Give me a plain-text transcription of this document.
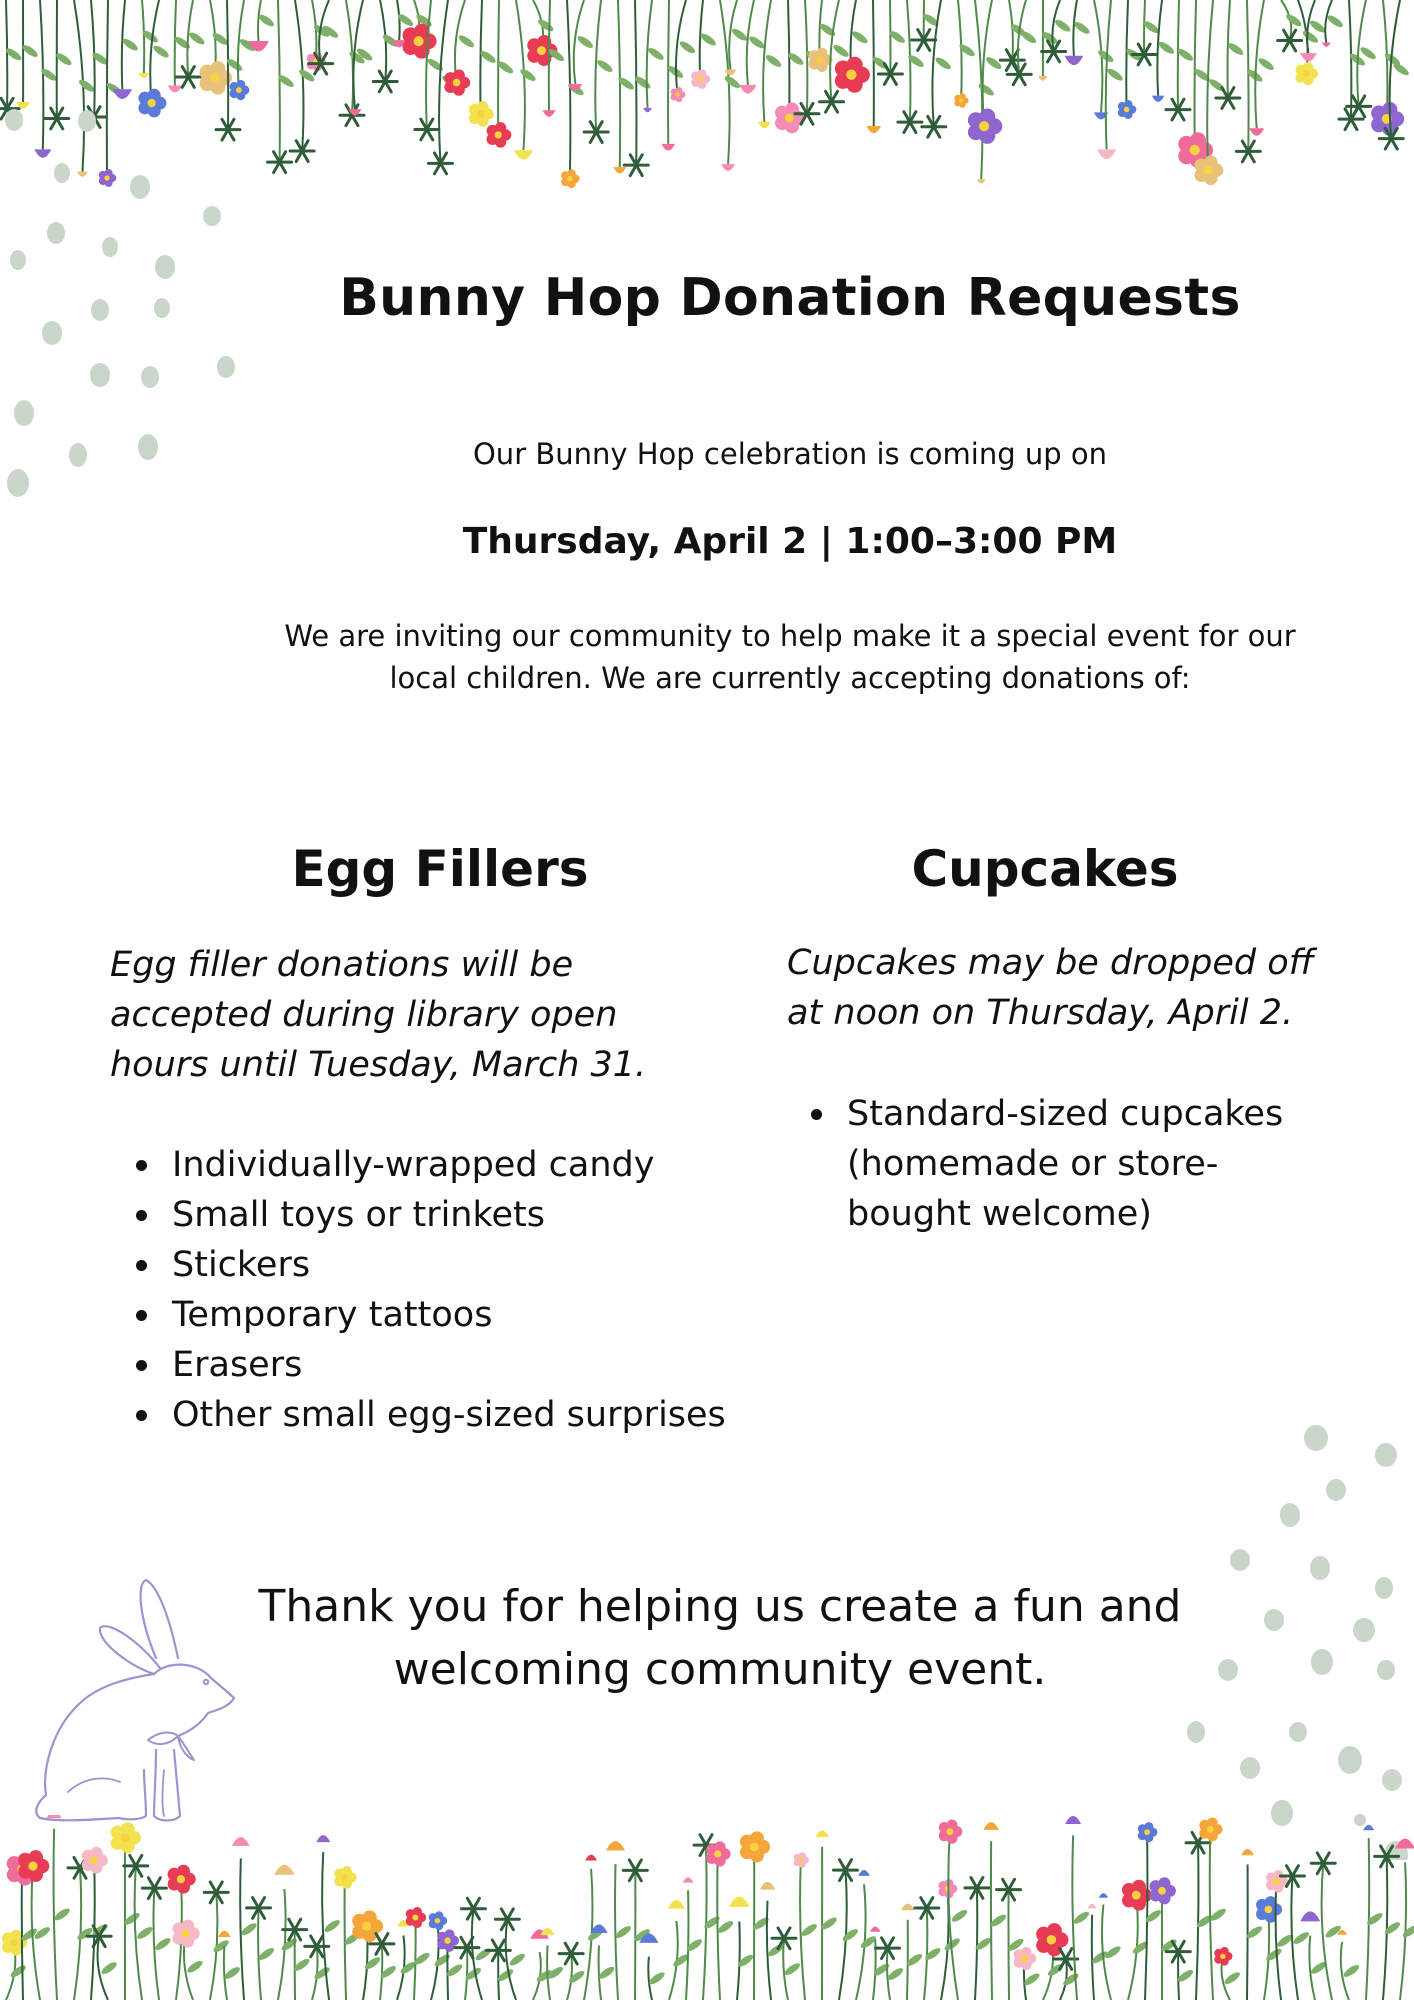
Bunny Hop Donation Requests
Our Bunny Hop celebration is coming up on
Thursday, April 2 | 1:00–3:00 PM
We are inviting our community to help make it a special event for our local children. We are currently accepting donations of:
Egg Fillers
Egg filler donations will be accepted during library open hours until Tuesday, March 31.
Individually-wrapped candy
Small toys or trinkets
Stickers
Temporary tattoos
Erasers
Other small egg-sized surprises
Cupcakes
Cupcakes may be dropped off at noon on Thursday, April 2.
Standard-sized cupcakes (homemade or store-bought welcome)
Thank you for helping us create a fun and welcoming community event.
